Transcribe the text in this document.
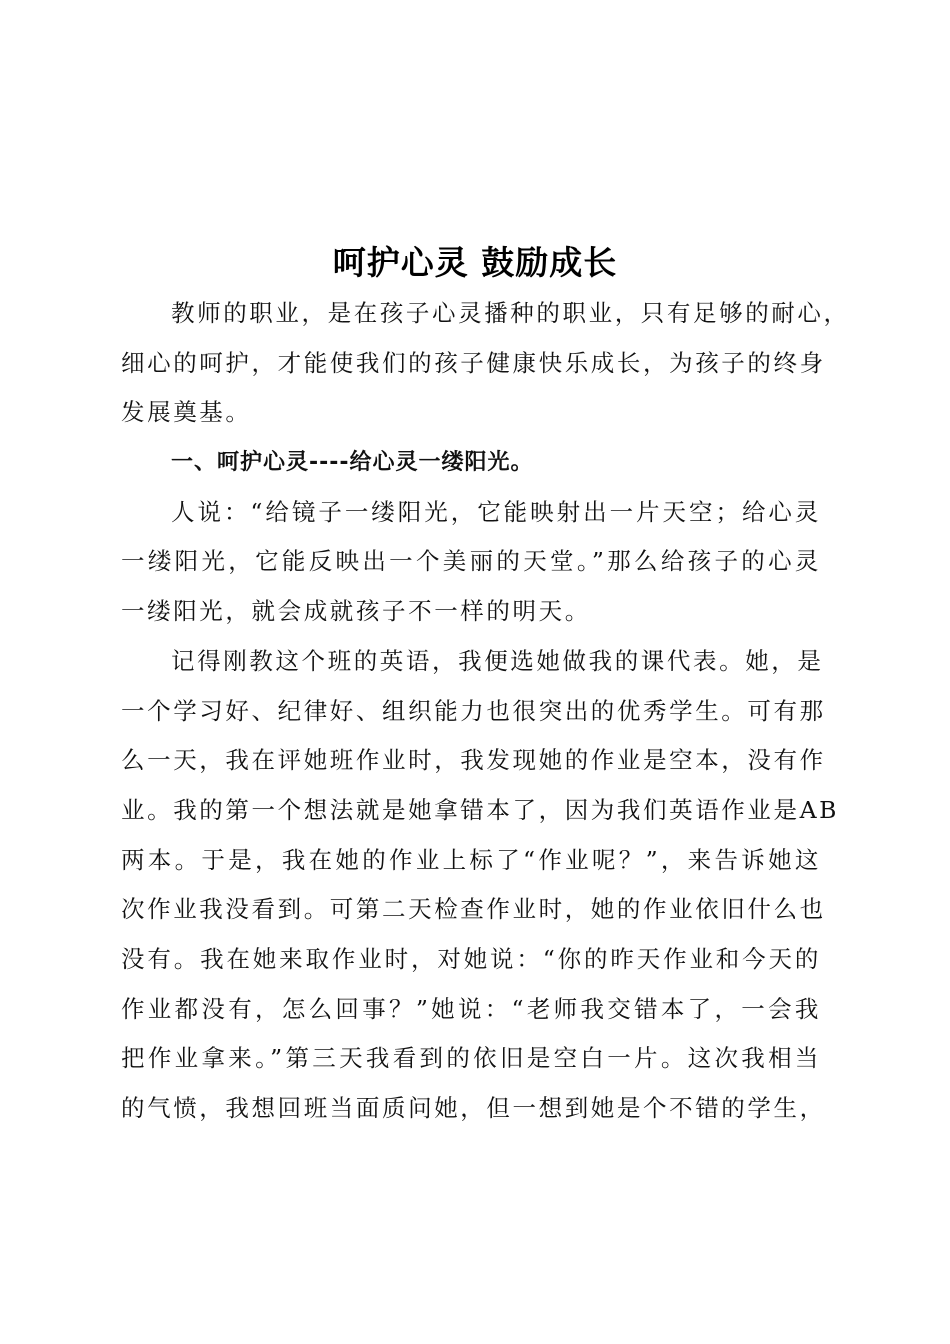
呵护心灵 鼓励成长
教师的职业，是在孩子心灵播种的职业，只有足够的耐心，
细心的呵护，才能使我们的孩子健康快乐成长，为孩子的终身
发展奠基。
一、呵护心灵----给心灵一缕阳光。
人说：“给镜子一缕阳光，它能映射出一片天空；给心灵
一缕阳光，它能反映出一个美丽的天堂。”那么给孩子的心灵
一缕阳光，就会成就孩子不一样的明天。
记得刚教这个班的英语，我便选她做我的课代表。她，是
一个学习好、纪律好、组织能力也很突出的优秀学生。可有那
么一天，我在评她班作业时，我发现她的作业是空本，没有作
业。我的第一个想法就是她拿错本了，因为我们英语作业是AB
两本。于是，我在她的作业上标了“作业呢？”，来告诉她这
次作业我没看到。可第二天检查作业时，她的作业依旧什么也
没有。我在她来取作业时，对她说：“你的昨天作业和今天的
作业都没有，怎么回事？”她说：“老师我交错本了，一会我
把作业拿来。”第三天我看到的依旧是空白一片。这次我相当
的气愤，我想回班当面质问她，但一想到她是个不错的学生，
